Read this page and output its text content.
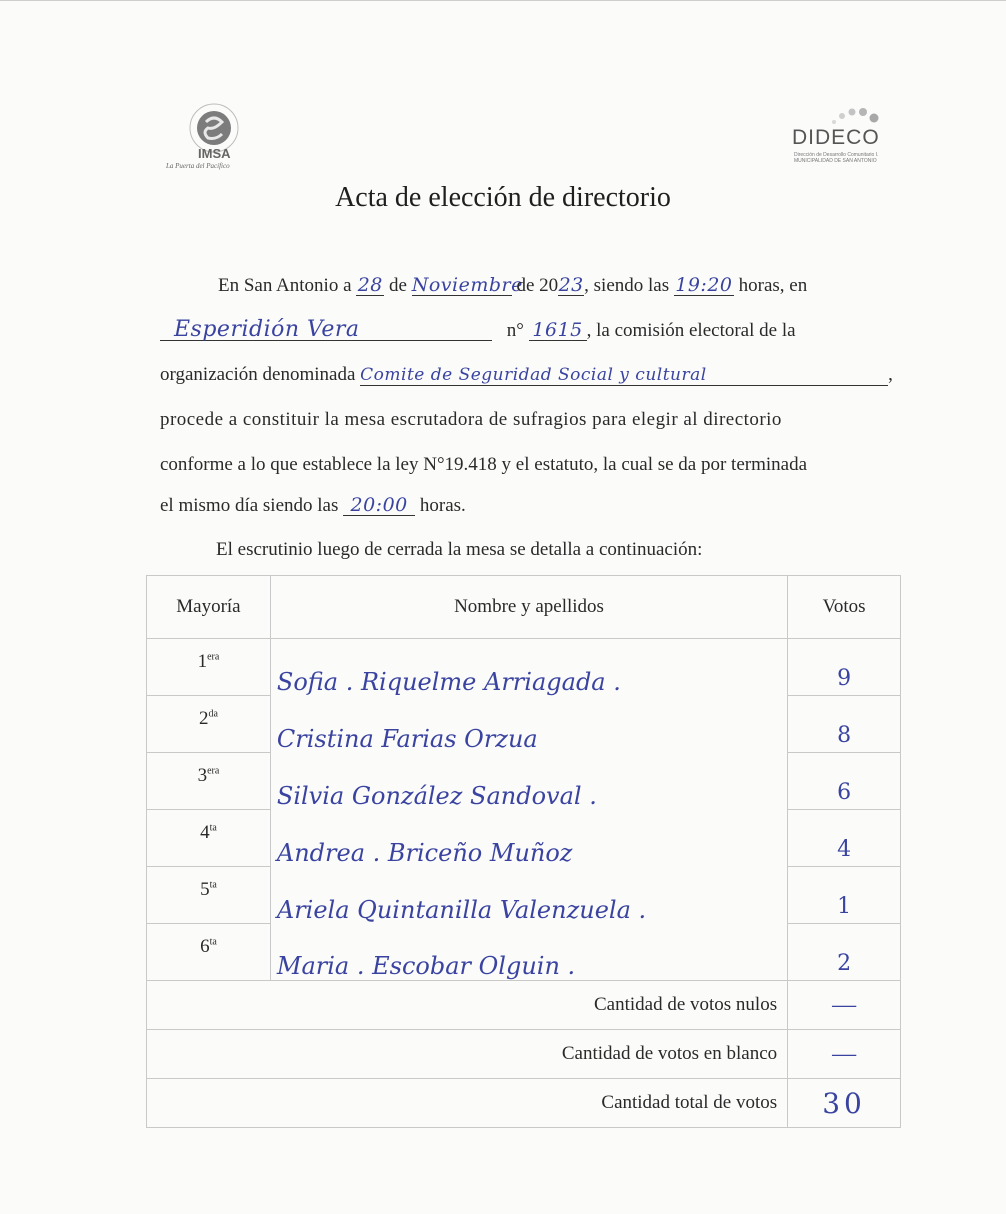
IMSA
La Puerta del Pacífico
DIDECO
Dirección de Desarrollo Comunitario I. MUNICIPALIDAD DE SAN ANTONIO
Acta de elección de directorio
En San Antonio a 28 de Noviembre de 2023, siendo las 19:20 horas, en
Esperidión Vera	n° 1615 , la comisión electoral de la
organización denominada Comite de Seguridad Social y cultural	,
procede a constituir la mesa escrutadora de sufragios para elegir al directorio
conforme a lo que establece la ley N°19.418 y el estatuto, la cual se da por terminada
el mismo día siendo las 20:00 horas.
El escrutinio luego de cerrada la mesa se detalla a continuación:
Mayoría	Nombre y apellidos	Votos
$1^{era}$	Sofia . Riquelme Arriagada .	9
$2^{da}$	Cristina Farias Orzua	8
$3^{era}$	Silvia González Sandoval .	6
$4^{ta}$	Andrea . Briceño Muñoz	4
$5^{ta}$	Ariela Quintanilla Valenzuela .	1
$6^{ta}$	Maria . Escobar Olguin .	2
Cantidad de votos nulos		—
Cantidad de votos en blanco		—
Cantidad total de votos		30
